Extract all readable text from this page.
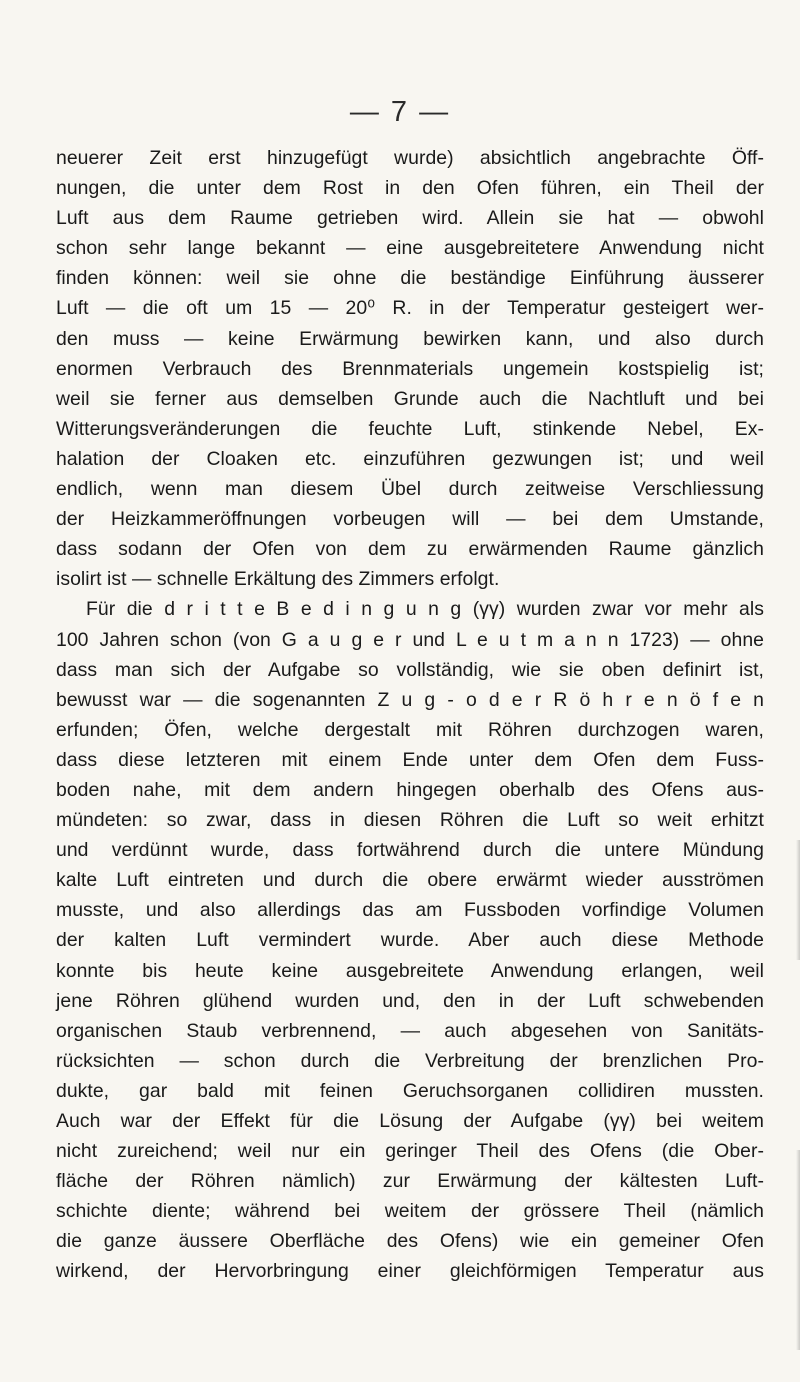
— 7 —
neuerer Zeit erst hinzugefügt wurde) absichtlich angebrachte Öff-
nungen, die unter dem Rost in den Ofen führen, ein Theil der
Luft aus dem Raume getrieben wird. Allein sie hat — obwohl
schon sehr lange bekannt — eine ausgebreitetere Anwendung nicht
finden können: weil sie ohne die beständige Einführung äusserer
Luft — die oft um 15 — 20⁰ R. in der Temperatur gesteigert wer-
den muss — keine Erwärmung bewirken kann, und also durch
enormen Verbrauch des Brennmaterials ungemein kostspielig ist;
weil sie ferner aus demselben Grunde auch die Nachtluft und bei
Witterungsveränderungen die feuchte Luft, stinkende Nebel, Ex-
halation der Cloaken etc. einzuführen gezwungen ist; und weil
endlich, wenn man diesem Übel durch zeitweise Verschliessung
der Heizkammeröffnungen vorbeugen will — bei dem Umstande,
dass sodann der Ofen von dem zu erwärmenden Raume gänzlich
isolirt ist — schnelle Erkältung des Zimmers erfolgt.
Für die d r i t t e B e d i n g u n g (γγ) wurden zwar vor mehr als
100 Jahren schon (von G a u g e r und L e u t m a n n 1723) — ohne
dass man sich der Aufgabe so vollständig, wie sie oben definirt ist,
bewusst war — die sogenannten Z u g - o d e r R ö h r e n ö f e n
erfunden; Öfen, welche dergestalt mit Röhren durchzogen waren,
dass diese letzteren mit einem Ende unter dem Ofen dem Fuss-
boden nahe, mit dem andern hingegen oberhalb des Ofens aus-
mündeten: so zwar, dass in diesen Röhren die Luft so weit erhitzt
und verdünnt wurde, dass fortwährend durch die untere Mündung
kalte Luft eintreten und durch die obere erwärmt wieder ausströmen
musste, und also allerdings das am Fussboden vorfindige Volumen
der kalten Luft vermindert wurde. Aber auch diese Methode
konnte bis heute keine ausgebreitete Anwendung erlangen, weil
jene Röhren glühend wurden und, den in der Luft schwebenden
organischen Staub verbrennend, — auch abgesehen von Sanitäts-
rücksichten — schon durch die Verbreitung der brenzlichen Pro-
dukte, gar bald mit feinen Geruchsorganen collidiren mussten.
Auch war der Effekt für die Lösung der Aufgabe (γγ) bei weitem
nicht zureichend; weil nur ein geringer Theil des Ofens (die Ober-
fläche der Röhren nämlich) zur Erwärmung der kältesten Luft-
schichte diente; während bei weitem der grössere Theil (nämlich
die ganze äussere Oberfläche des Ofens) wie ein gemeiner Ofen
wirkend, der Hervorbringung einer gleichförmigen Temperatur aus
